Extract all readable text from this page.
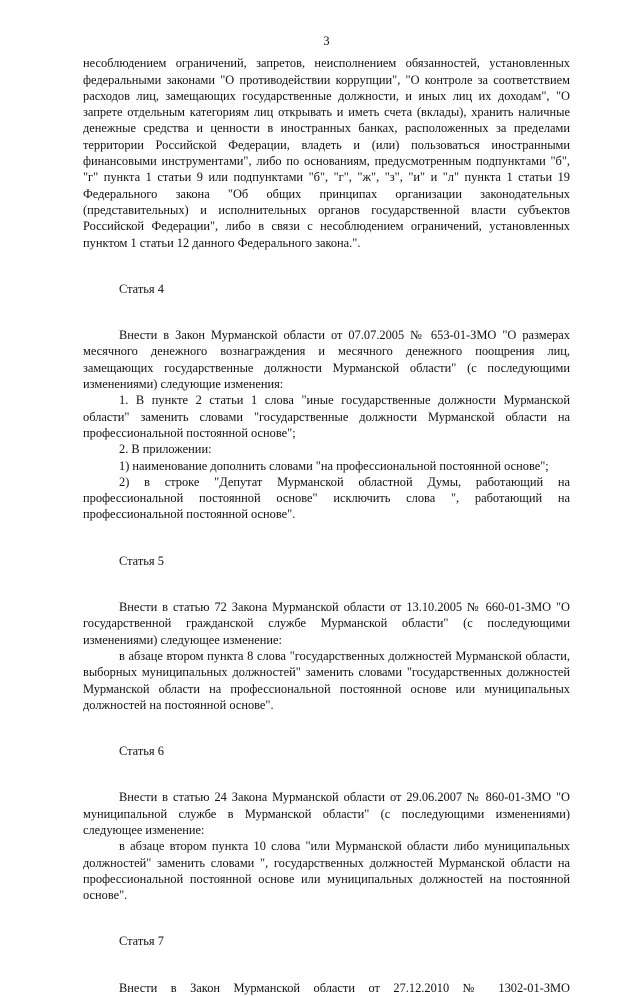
3

несоблюдением ограничений, запретов, неисполнением обязанностей, установленных федеральными законами "О противодействии коррупции", "О контроле за соответствием расходов лиц, замещающих государственные должности, и иных лиц их доходам", "О запрете отдельным категориям лиц открывать и иметь счета (вклады), хранить наличные денежные средства и ценности в иностранных банках, расположенных за пределами территории Российской Федерации, владеть и (или) пользоваться иностранными финансовыми инструментами", либо по основаниям, предусмотренным подпунктами "б", "г" пункта 1 статьи 9 или подпунктами "б", "г", "ж", "з", "и" и "л" пункта 1 статьи 19 Федерального закона "Об общих принципах организации законодательных (представительных) и исполнительных органов государственной власти субъектов Российской Федерации", либо в связи с несоблюдением ограничений, установленных пунктом 1 статьи 12 данного Федерального закона.".

Статья 4

Внести в Закон Мурманской области от 07.07.2005 № 653-01-ЗМО "О размерах месячного денежного вознаграждения и месячного денежного поощрения лиц, замещающих государственные должности Мурманской области" (с последующими изменениями) следующие изменения:

1. В пункте 2 статьи 1 слова "иные государственные должности Мурманской области" заменить словами "государственные должности Мурманской области на профессиональной постоянной основе";

2. В приложении:

1) наименование дополнить словами "на профессиональной постоянной основе";

2) в строке "Депутат Мурманской областной Думы, работающий на профессиональной постоянной основе" исключить слова ", работающий на профессиональной постоянной основе".

Статья 5

Внести в статью 72 Закона Мурманской области от 13.10.2005 № 660-01-ЗМО "О государственной гражданской службе Мурманской области" (с последующими изменениями) следующее изменение:

в абзаце втором пункта 8 слова "государственных должностей Мурманской области, выборных муниципальных должностей" заменить словами "государственных должностей Мурманской области на профессиональной постоянной основе или муниципальных должностей на постоянной основе".

Статья 6

Внести в статью 24 Закона Мурманской области от 29.06.2007 № 860-01-ЗМО "О муниципальной службе в Мурманской области" (с последующими изменениями) следующее изменение:

в абзаце втором пункта 10 слова "или Мурманской области либо муниципальных должностей" заменить словами ", государственных должностей Мурманской области на профессиональной постоянной основе или муниципальных должностей на постоянной основе".

Статья 7

Внести в Закон Мурманской области от 27.12.2010 № 1302-01-ЗМО
